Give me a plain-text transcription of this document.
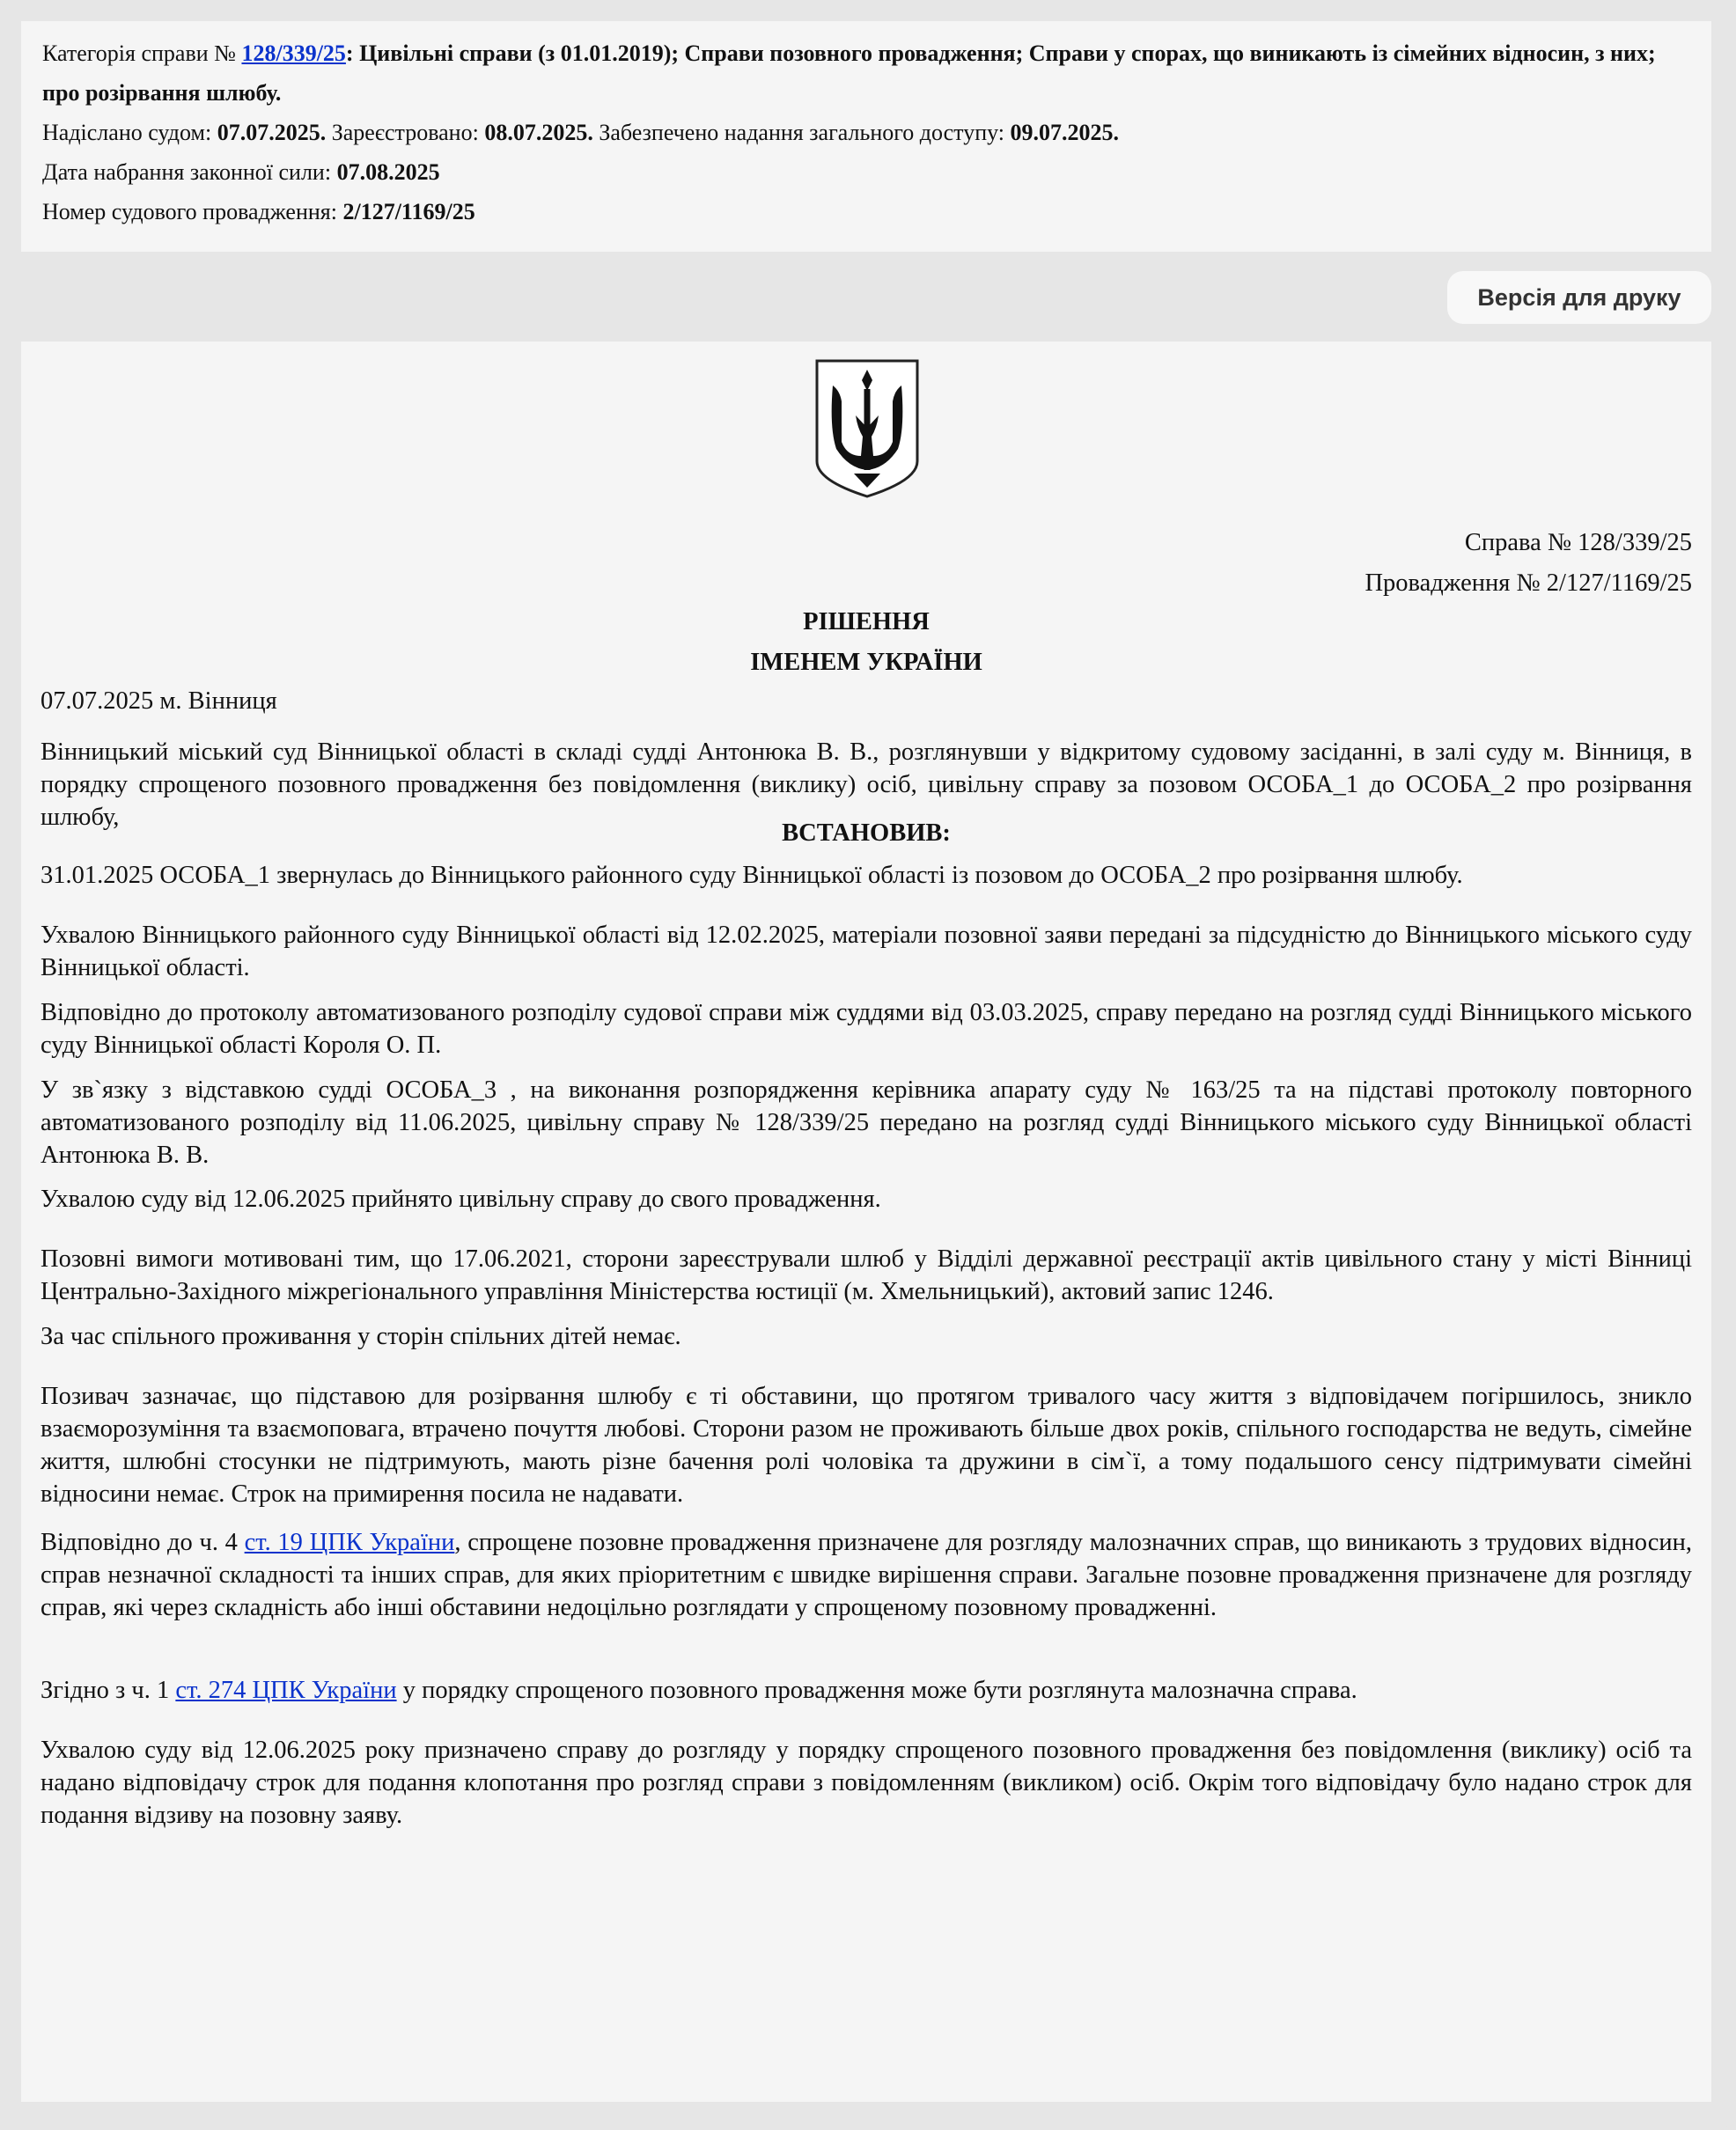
Категорія справи № 128/339/25: Цивільні справи (з 01.01.2019); Справи позовного провадження; Справи у спорах, що виникають із сімейних відносин, з них; про розірвання шлюбу.
Надіслано судом: 07.07.2025. Зареєстровано: 08.07.2025. Забезпечено надання загального доступу: 09.07.2025.
Дата набрання законної сили: 07.08.2025
Номер судового провадження: 2/127/1169/25
Версія для друку
Справа № 128/339/25
Провадження № 2/127/1169/25
РІШЕННЯ
ІМЕНЕМ УКРАЇНИ
07.07.2025 м. Вінниця

Вінницький міський суд Вінницької області в складі судді Антонюка В. В., розглянувши у відкритому судовому засіданні, в залі суду м. Вінниця, в порядку спрощеного позовного провадження без повідомлення (виклику) осіб, цивільну справу за позовом ОСОБА_1 до ОСОБА_2 про розірвання шлюбу,

ВСТАНОВИВ:

31.01.2025 ОСОБА_1 звернулась до Вінницького районного суду Вінницької області із позовом до ОСОБА_2 про розірвання шлюбу.

Ухвалою Вінницького районного суду Вінницької області від 12.02.2025, матеріали позовної заяви передані за підсудністю до Вінницького міського суду Вінницької області.

Відповідно до протоколу автоматизованого розподілу судової справи між суддями від 03.03.2025, справу передано на розгляд судді Вінницького міського суду Вінницької області Короля О. П.

У зв`язку з відставкою судді ОСОБА_3 , на виконання розпорядження керівника апарату суду № 163/25 та на підставі протоколу повторного автоматизованого розподілу від 11.06.2025, цивільну справу № 128/339/25 передано на розгляд судді Вінницького міського суду Вінницької області Антонюка В. В.

Ухвалою суду від 12.06.2025 прийнято цивільну справу до свого провадження.

Позовні вимоги мотивовані тим, що 17.06.2021, сторони зареєстрували шлюб у Відділі державної реєстрації актів цивільного стану у місті Вінниці Центрально-Західного міжрегіонального управління Міністерства юстиції (м. Хмельницький), актовий запис 1246.

За час спільного проживання у сторін спільних дітей немає.

Позивач зазначає, що підставою для розірвання шлюбу є ті обставини, що протягом тривалого часу життя з відповідачем погіршилось, зникло взаєморозуміння та взаємоповага, втрачено почуття любові. Сторони разом не проживають більше двох років, спільного господарства не ведуть, сімейне життя, шлюбні стосунки не підтримують, мають різне бачення ролі чоловіка та дружини в сім`ї, а тому подальшого сенсу підтримувати сімейні відносини немає. Строк на примирення посила не надавати.

Відповідно до ч. 4 ст. 19 ЦПК України, спрощене позовне провадження призначене для розгляду малозначних справ, що виникають з трудових відносин, справ незначної складності та інших справ, для яких пріоритетним є швидке вирішення справи. Загальне позовне провадження призначене для розгляду справ, які через складність або інші обставини недоцільно розглядати у спрощеному позовному провадженні.

Згідно з ч. 1 ст. 274 ЦПК України у порядку спрощеного позовного провадження може бути розглянута малозначна справа.

Ухвалою суду від 12.06.2025 року призначено справу до розгляду у порядку спрощеного позовного провадження без повідомлення (виклику) осіб та надано відповідачу строк для подання клопотання про розгляд справи з повідомленням (викликом) осіб. Окрім того відповідачу було надано строк для подання відзиву на позовну заяву.
